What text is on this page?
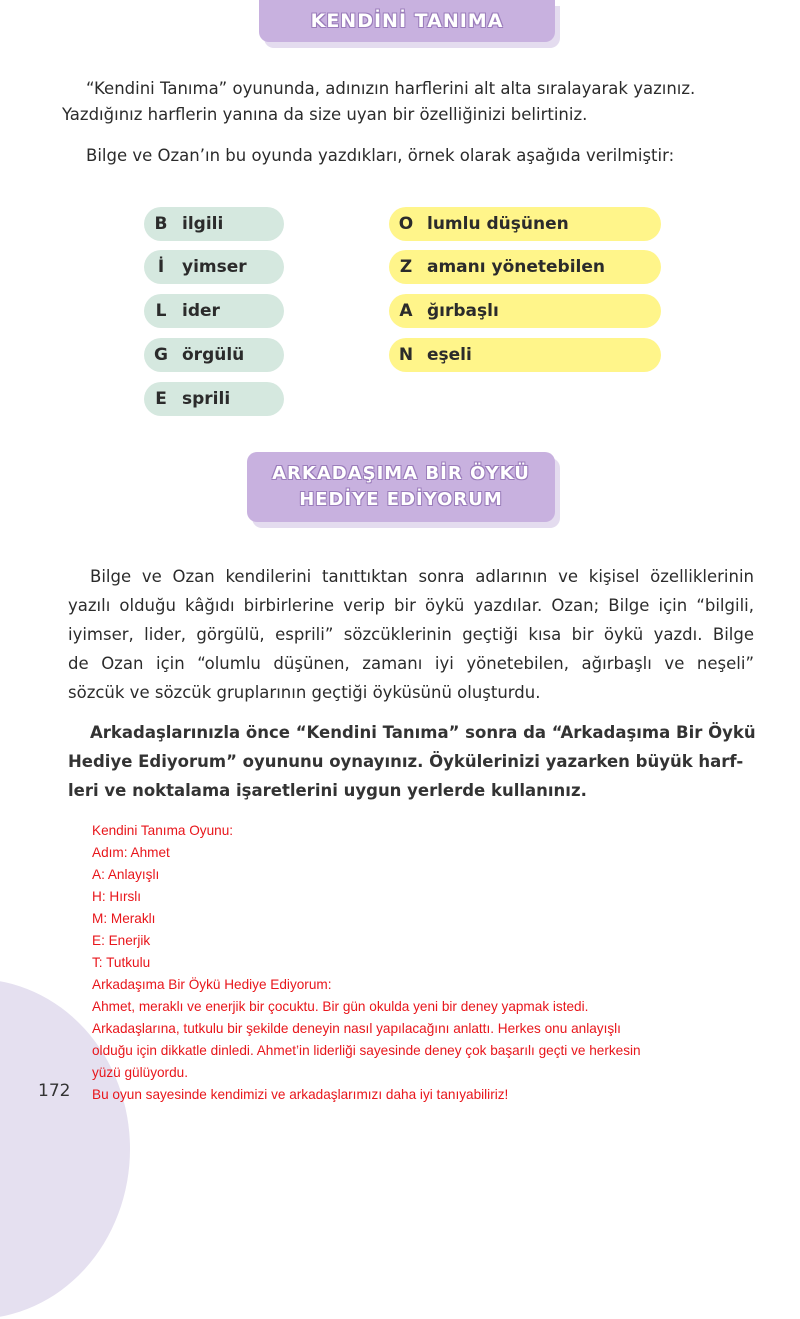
KENDİNİ TANIMA
“Kendini Tanıma” oyununda, adınızın harflerini alt alta sıralayarak yazınız.
Yazdığınız harflerin yanına da size uyan bir özelliğinizi belirtiniz.
Bilge ve Ozan’ın bu oyunda yazdıkları, örnek olarak aşağıda verilmiştir:
B ilgili
İ	yimser
L ider
G örgülü
E sprili
O lumlu düşünen
Z amanı yönetebilen
A ğırbaşlı
N eşeli
ARKADAŞIMA BİR ÖYKÜ
HEDİYE EDİYORUM
Bilge ve Ozan kendilerini tanıttıktan sonra adlarının ve kişisel özelliklerinin
yazılı olduğu kâğıdı birbirlerine verip bir öykü yazdılar. Ozan; Bilge için “bilgili,
iyimser, lider, görgülü, esprili” sözcüklerinin geçtiği kısa bir öykü yazdı. Bilge
de Ozan için “olumlu düşünen, zamanı iyi yönetebilen, ağırbaşlı ve neşeli”
sözcük ve sözcük gruplarının geçtiği öyküsünü oluşturdu.
Arkadaşlarınızla önce “Kendini Tanıma” sonra da “Arkadaşıma Bir Öykü
Hediye Ediyorum” oyununu oynayınız. Öykülerinizi yazarken büyük harf-
leri ve noktalama işaretlerini uygun yerlerde kullanınız.
Kendini Tanıma Oyunu:
Adım: Ahmet
A: Anlayışlı
H: Hırslı
M: Meraklı
E: Enerjik
T: Tutkulu
Arkadaşıma Bir Öykü Hediye Ediyorum:
Ahmet, meraklı ve enerjik bir çocuktu. Bir gün okulda yeni bir deney yapmak istedi.
Arkadaşlarına, tutkulu bir şekilde deneyin nasıl yapılacağını anlattı. Herkes onu anlayışlı
olduğu için dikkatle dinledi. Ahmet’in liderliği sayesinde deney çok başarılı geçti ve herkesin
yüzü gülüyordu.
Bu oyun sayesinde kendimizi ve arkadaşlarımızı daha iyi tanıyabiliriz!
172
